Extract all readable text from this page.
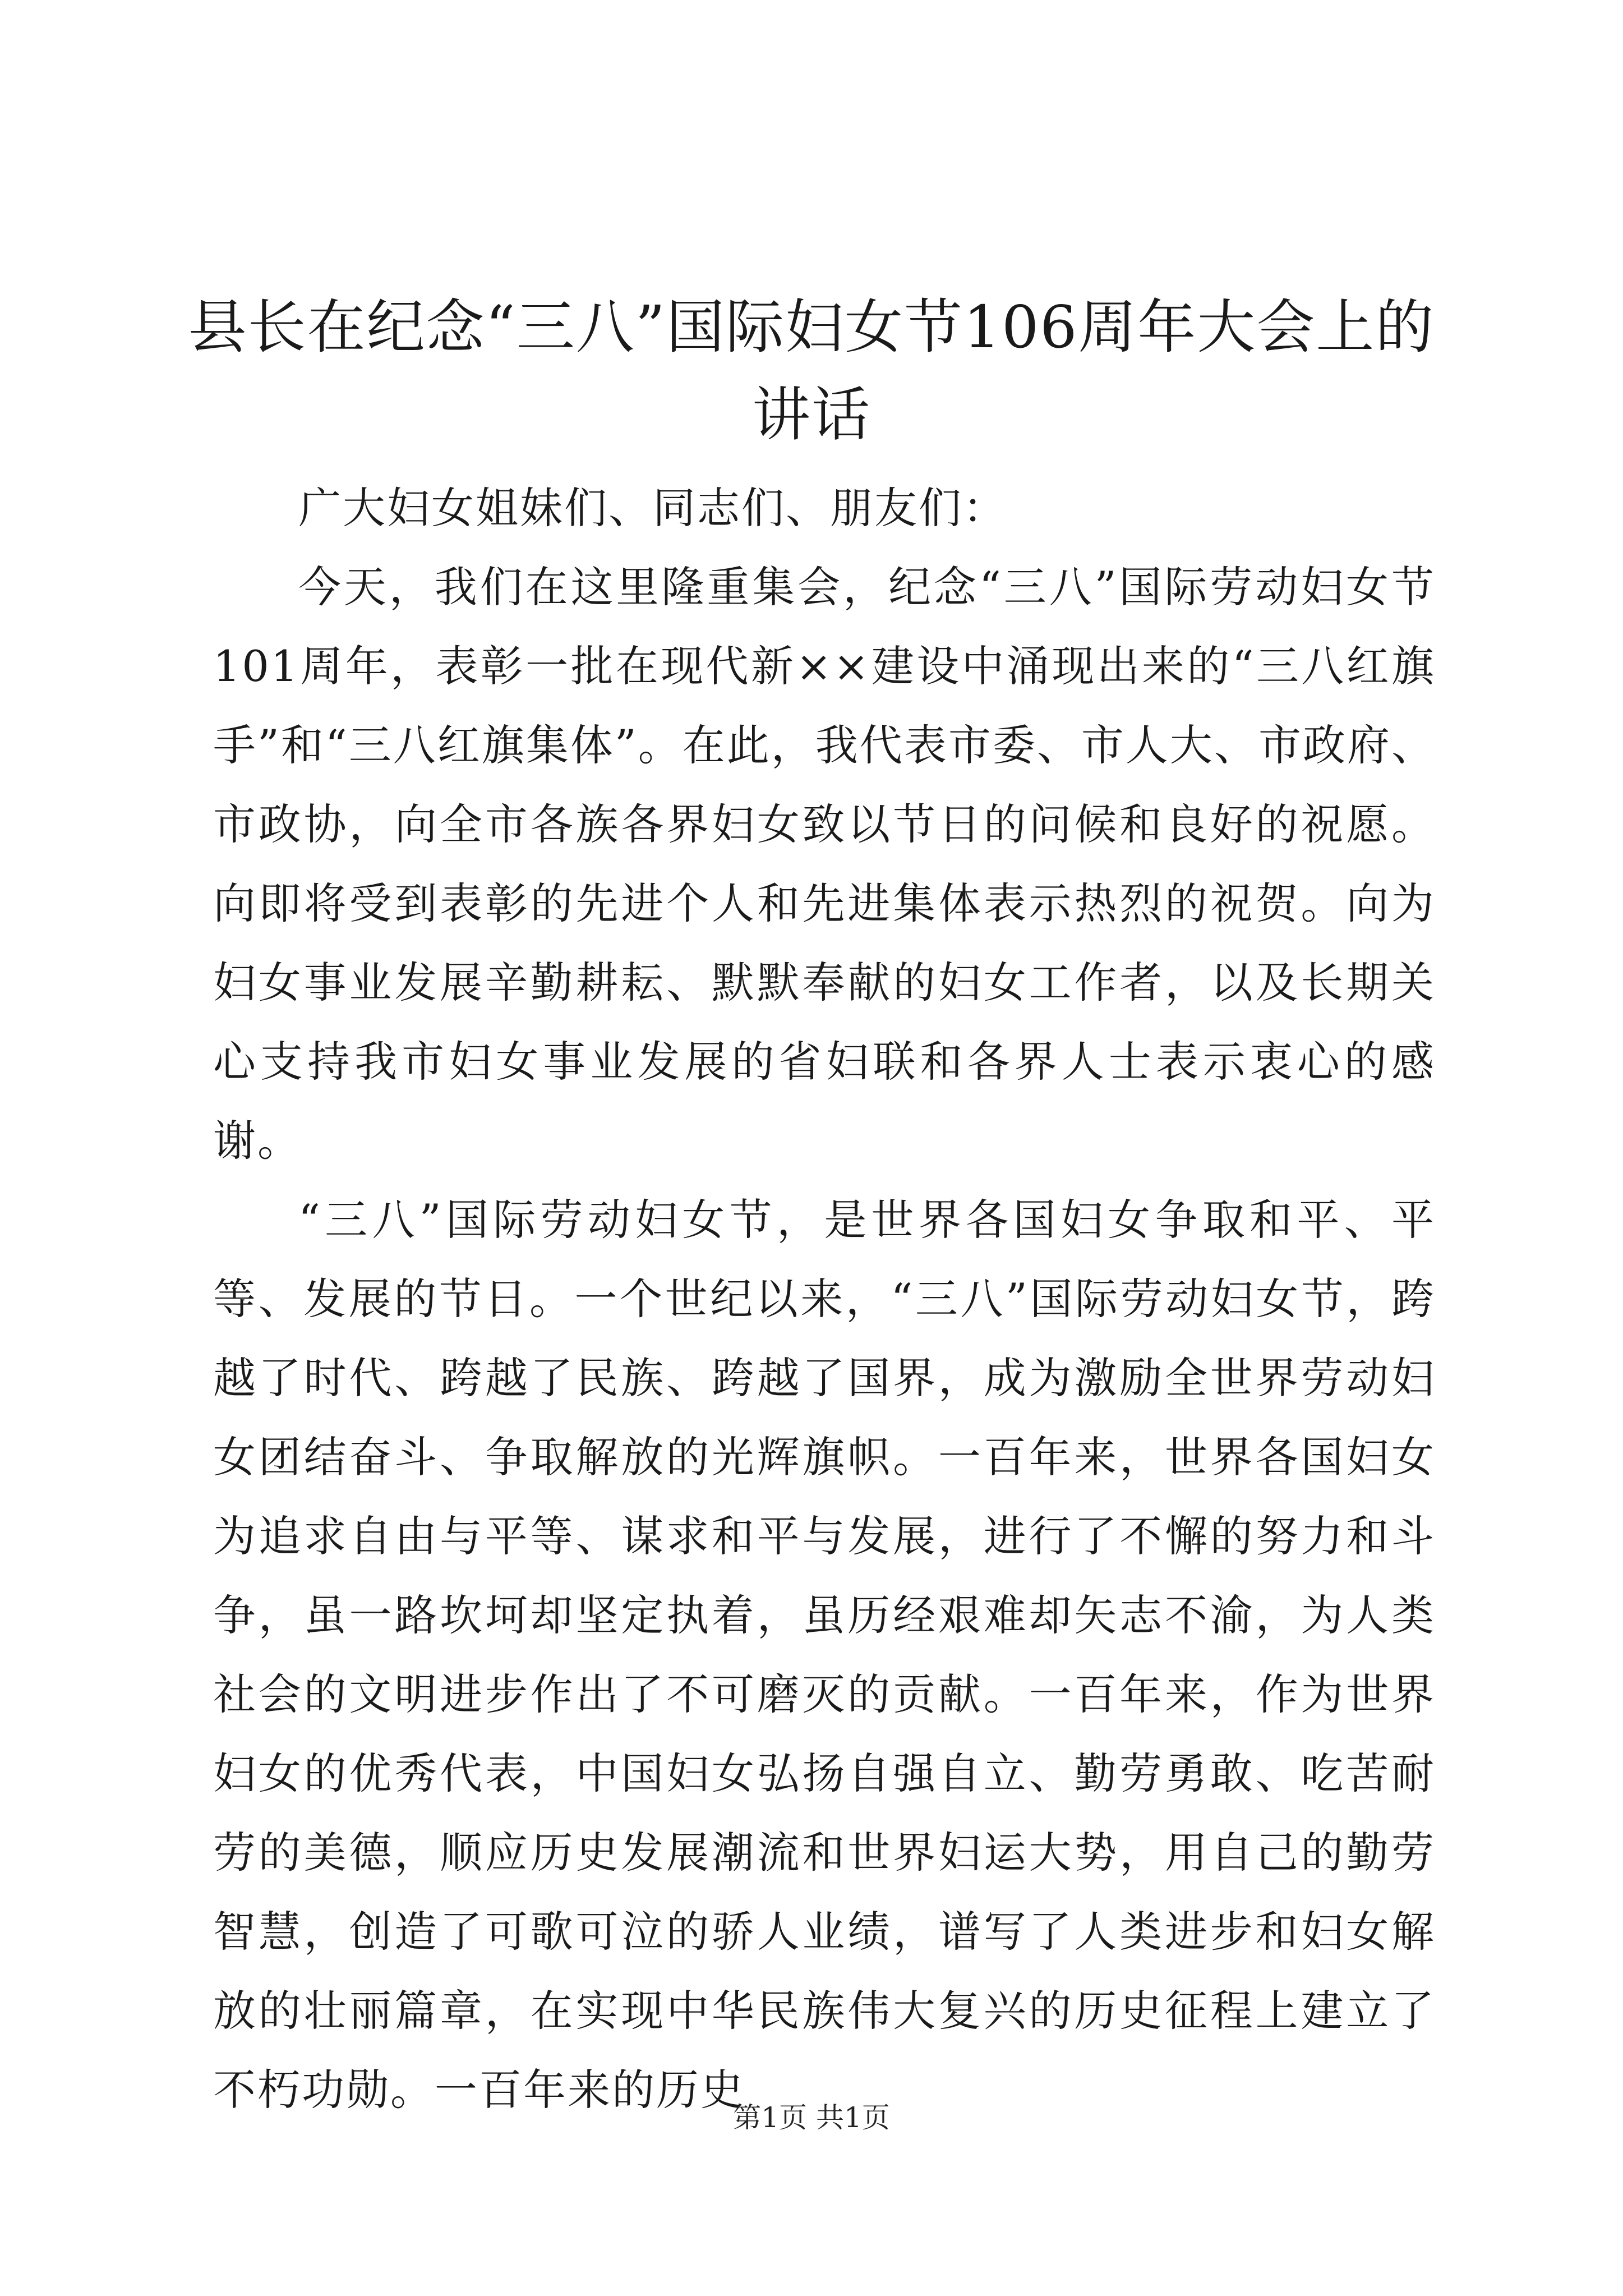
县长在纪念“三八”国际妇女节106周年大会上的讲话

广大妇女姐妹们、同志们、朋友们：

今天，我们在这里隆重集会，纪念“三八”国际劳动妇女节101周年，表彰一批在现代新××建设中涌现出来的“三八红旗手”和“三八红旗集体”。在此，我代表市委、市人大、市政府、市政协，向全市各族各界妇女致以节日的问候和良好的祝愿。向即将受到表彰的先进个人和先进集体表示热烈的祝贺。向为妇女事业发展辛勤耕耘、默默奉献的妇女工作者，以及长期关心支持我市妇女事业发展的省妇联和各界人士表示衷心的感谢。

“三八”国际劳动妇女节，是世界各国妇女争取和平、平等、发展的节日。一个世纪以来，“三八”国际劳动妇女节，跨越了时代、跨越了民族、跨越了国界，成为激励全世界劳动妇女团结奋斗、争取解放的光辉旗帜。一百年来，世界各国妇女为追求自由与平等、谋求和平与发展，进行了不懈的努力和斗争，虽一路坎坷却坚定执着，虽历经艰难却矢志不渝，为人类社会的文明进步作出了不可磨灭的贡献。一百年来，作为世界妇女的优秀代表，中国妇女弘扬自强自立、勤劳勇敢、吃苦耐劳的美德，顺应历史发展潮流和世界妇运大势，用自己的勤劳智慧，创造了可歌可泣的骄人业绩，谱写了人类进步和妇女解放的壮丽篇章，在实现中华民族伟大复兴的历史征程上建立了不朽功勋。一百年来的历史

第1页 共1页
